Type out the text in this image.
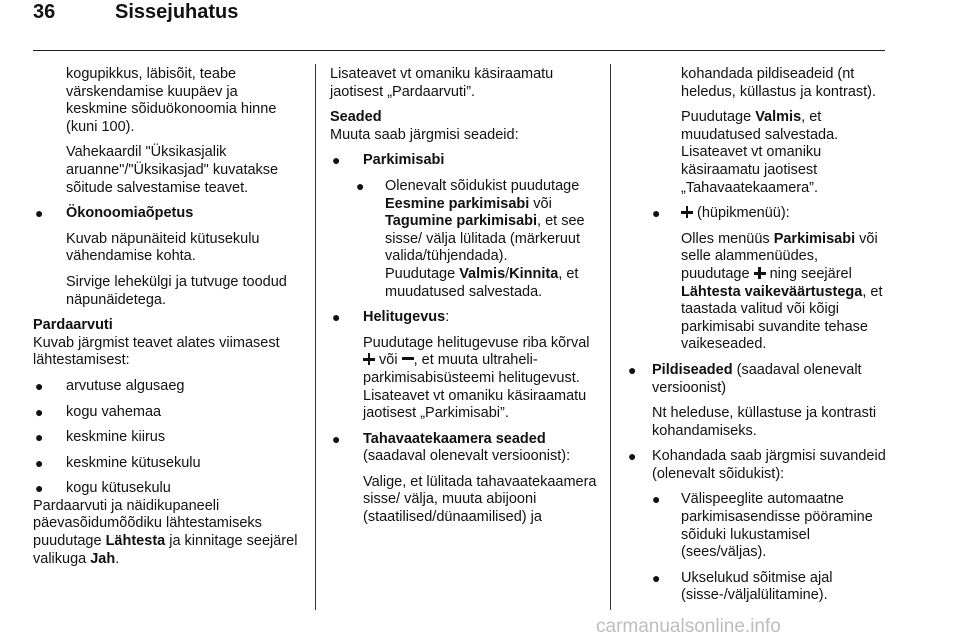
36	Sissejuhatus

kogupikkus, läbisõit, teabe värskendamise kuupäev ja keskmine sõiduökonoomia hinne (kuni 100).

Vahekaardil "Üksikasjalik aruanne"/"Üksikasjad" kuvatakse sõitude salvestamise teavet.

● Ökonoomiaõpetus

Kuvab näpunäiteid kütusekulu vähendamise kohta.

Sirvige lehekülgi ja tutvuge toodud näpunäidetega.

Pardaarvuti

Kuvab järgmist teavet alates viimasest lähtestamisest:

● arvutuse algusaeg

● kogu vahemaa

● keskmine kiirus

● keskmine kütusekulu

● kogu kütusekulu

Pardaarvuti ja näidikupaneeli päevasõidumõõdiku lähtestamiseks puudutage Lähtesta ja kinnitage seejärel valikuga Jah.

Lisateavet vt omaniku käsiraamatu jaotisest „Pardaarvuti”.

Seaded

Muuta saab järgmisi seadeid:

● Parkimisabi

● Olenevalt sõidukist puudutage Eesmine parkimisabi või Tagumine parkimisabi, et see sisse/ välja lülitada (märkeruut valida/tühjendada).
Puudutage Valmis/Kinnita, et muudatused salvestada.

● Helitugevus:

Puudutage helitugevuse riba kõrval  või , et muuta ultraheli- parkimisabisüsteemi helitugevust. Lisateavet vt omaniku käsiraamatu jaotisest „Parkimisabi”.

● Tahavaatekaamera seaded (saadaval olenevalt versioonist):

Valige, et lülitada tahavaatekaamera sisse/ välja, muuta abijooni (staatilised/dünaamilised) ja

kohandada pildiseadeid (nt heledus, küllastus ja kontrast).

Puudutage Valmis, et muudatused salvestada. Lisateavet vt omaniku käsiraamatu jaotisest „Tahavaatekaamera”.

● (hüpikmenüü):

Olles menüüs Parkimisabi või selle alammenüüdes, puudutage  ning seejärel Lähtesta vaikeväärtustega, et taastada valitud või kõigi parkimisabi suvandite tehase vaikeseaded.

● Pildiseaded (saadaval olenevalt versioonist)

Nt heleduse, küllastuse ja kontrasti kohandamiseks.

● Kohandada saab järgmisi suvandeid (olenevalt sõidukist):

● Välispeeglite automaatne parkimisasendisse pööramine sõiduki lukustamisel (sees/väljas).

● Ukselukud sõitmise ajal (sisse-/väljalülitamine).

carmanualsonline.info
